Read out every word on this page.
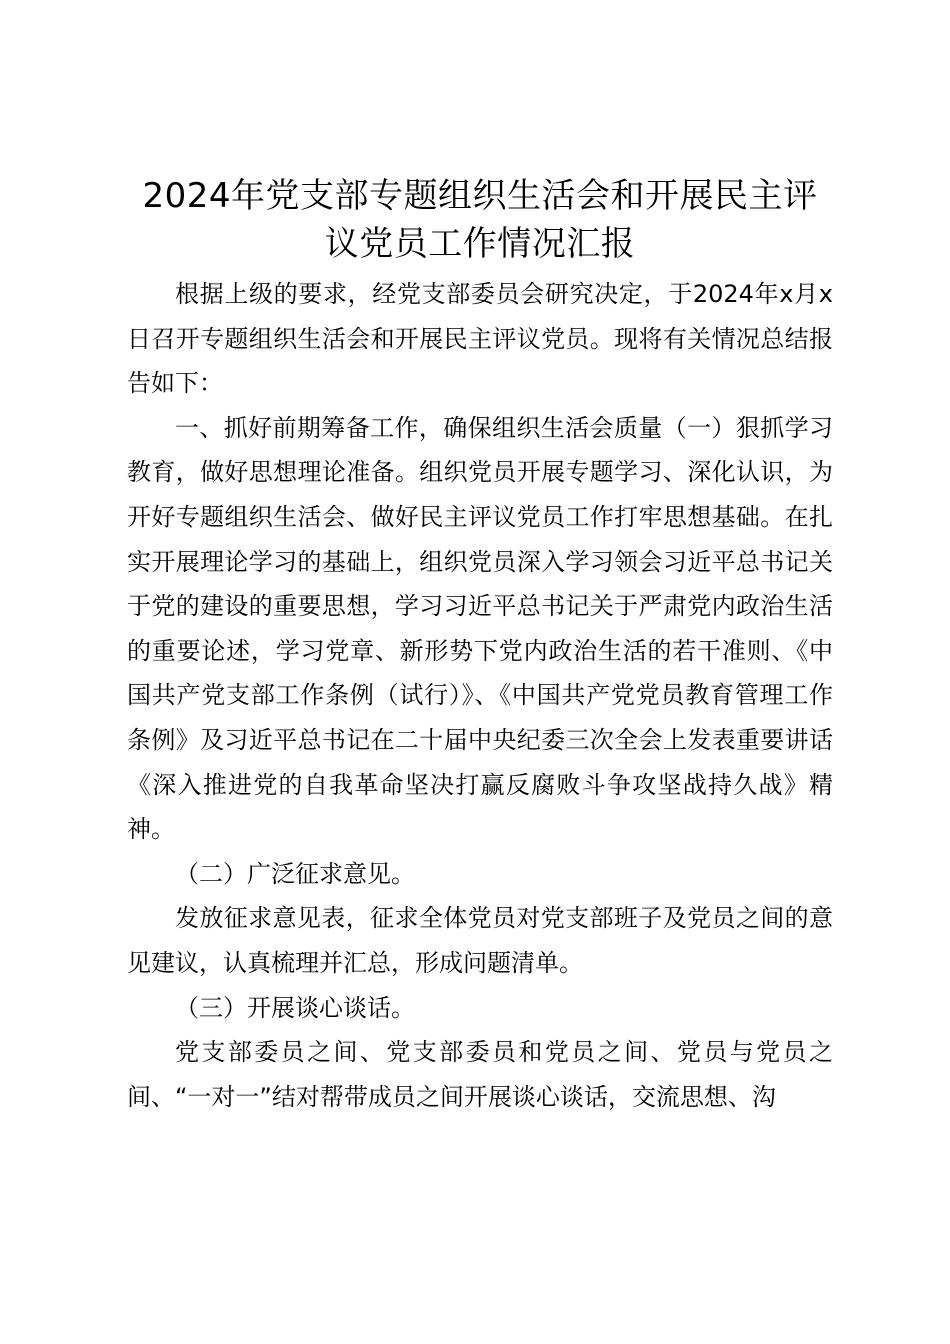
2024年党支部专题组织生活会和开展民主评议党员工作情况汇报

根据上级的要求，经党支部委员会研究决定，于2024年x月x日召开专题组织生活会和开展民主评议党员。现将有关情况总结报告如下：

一、抓好前期筹备工作，确保组织生活会质量（一）狠抓学习教育，做好思想理论准备。组织党员开展专题学习、深化认识，为开好专题组织生活会、做好民主评议党员工作打牢思想基础。在扎实开展理论学习的基础上，组织党员深入学习领会习近平总书记关于党的建设的重要思想，学习习近平总书记关于严肃党内政治生活的重要论述，学习党章、新形势下党内政治生活的若干准则、《中国共产党支部工作条例（试行）》、《中国共产党党员教育管理工作条例》及习近平总书记在二十届中央纪委三次全会上发表重要讲话《深入推进党的自我革命坚决打赢反腐败斗争攻坚战持久战》精神。

（二）广泛征求意见。

发放征求意见表，征求全体党员对党支部班子及党员之间的意见建议，认真梳理并汇总，形成问题清单。

（三）开展谈心谈话。

党支部委员之间、党支部委员和党员之间、党员与党员之间、“一对一”结对帮带成员之间开展谈心谈话，交流思想、沟
